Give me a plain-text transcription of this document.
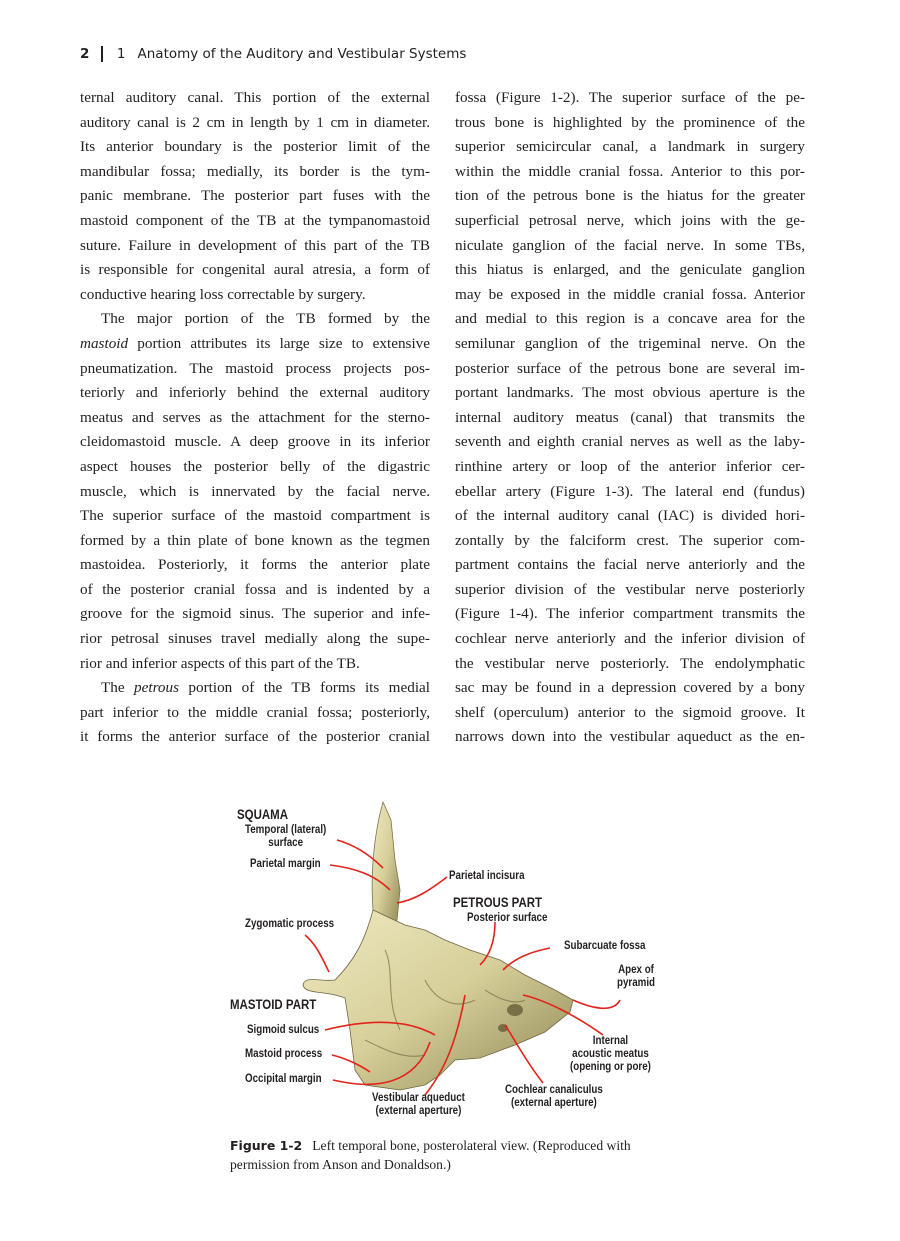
2 1 Anatomy of the Auditory and Vestibular Systems
ternal auditory canal. This portion of the external
auditory canal is 2 cm in length by 1 cm in diameter.
Its anterior boundary is the posterior limit of the
mandibular fossa; medially, its border is the tym-
panic membrane. The posterior part fuses with the
mastoid component of the TB at the tympanomastoid
suture. Failure in development of this part of the TB
is responsible for congenital aural atresia, a form of
conductive hearing loss correctable by surgery.
The major portion of the TB formed by the
mastoid portion attributes its large size to extensive
pneumatization. The mastoid process projects pos-
teriorly and inferiorly behind the external auditory
meatus and serves as the attachment for the sterno-
cleidomastoid muscle. A deep groove in its inferior
aspect houses the posterior belly of the digastric
muscle, which is innervated by the facial nerve.
The superior surface of the mastoid compartment is
formed by a thin plate of bone known as the tegmen
mastoidea. Posteriorly, it forms the anterior plate
of the posterior cranial fossa and is indented by a
groove for the sigmoid sinus. The superior and infe-
rior petrosal sinuses travel medially along the supe-
rior and inferior aspects of this part of the TB.
The petrous portion of the TB forms its medial
part inferior to the middle cranial fossa; posteriorly,
it forms the anterior surface of the posterior cranial
fossa (Figure 1-2). The superior surface of the pe-
trous bone is highlighted by the prominence of the
superior semicircular canal, a landmark in surgery
within the middle cranial fossa. Anterior to this por-
tion of the petrous bone is the hiatus for the greater
superficial petrosal nerve, which joins with the ge-
niculate ganglion of the facial nerve. In some TBs,
this hiatus is enlarged, and the geniculate ganglion
may be exposed in the middle cranial fossa. Anterior
and medial to this region is a concave area for the
semilunar ganglion of the trigeminal nerve. On the
posterior surface of the petrous bone are several im-
portant landmarks. The most obvious aperture is the
internal auditory meatus (canal) that transmits the
seventh and eighth cranial nerves as well as the laby-
rinthine artery or loop of the anterior inferior cer-
ebellar artery (Figure 1-3). The lateral end (fundus)
of the internal auditory canal (IAC) is divided hori-
zontally by the falciform crest. The superior com-
partment contains the facial nerve anteriorly and the
superior division of the vestibular nerve posteriorly
(Figure 1-4). The inferior compartment transmits the
cochlear nerve anteriorly and the inferior division of
the vestibular nerve posteriorly. The endolymphatic
sac may be found in a depression covered by a bony
shelf (operculum) anterior to the sigmoid groove. It
narrows down into the vestibular aqueduct as the en-
SQUAMA
Temporal (lateral)
surface
Parietal margin
Zygomatic process
Parietal incisura
PETROUS PART
Posterior surface
Subarcuate fossa
Apex of
pyramid
MASTOID PART
Sigmoid sulcus
Mastoid process
Occipital margin
Internal
acoustic meatus
(opening or pore)
Cochlear canaliculus
(external aperture)
Vestibular aqueduct
(external aperture)
Figure 1-2 Left temporal bone, posterolateral view. (Reproduced with permission from Anson and Donaldson.)
